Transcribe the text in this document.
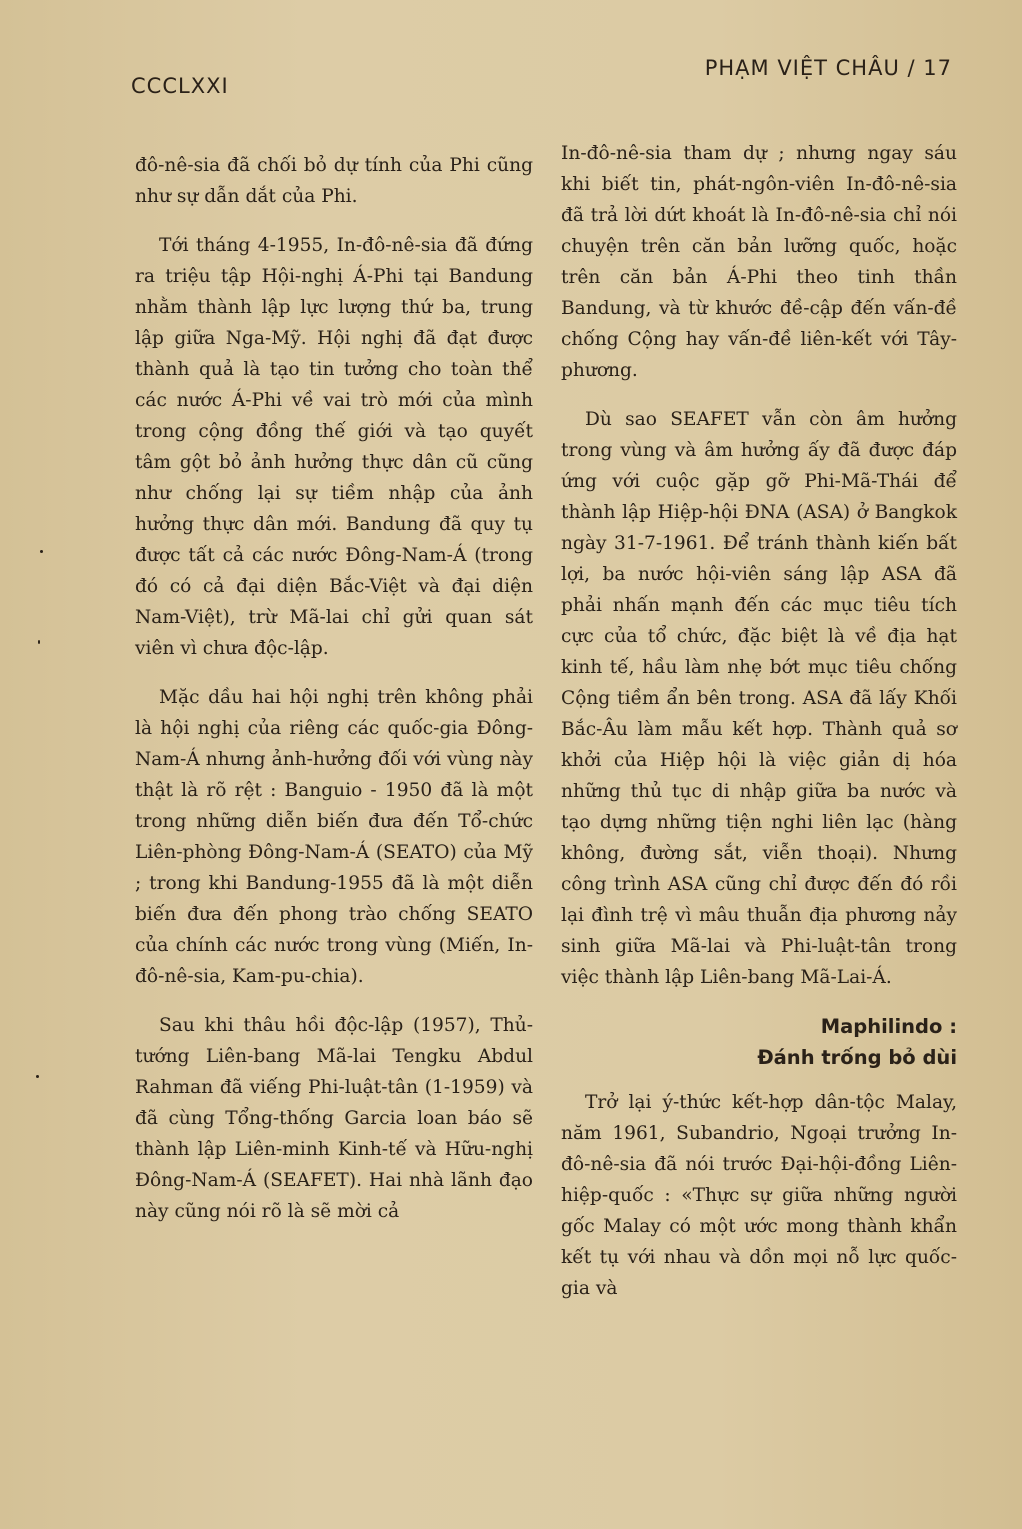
CCCLXXI
PHẠM VIỆT CHÂU / 17

đô-nê-sia đã chối bỏ dự tính của Phi cũng như sự dẫn dắt của Phi.

Tới tháng 4-1955, In-đô-nê-sia đã đứng ra triệu tập Hội-nghị Á-Phi tại Bandung nhằm thành lập lực lượng thứ ba, trung lập giữa Nga-Mỹ. Hội nghị đã đạt được thành quả là tạo tin tưởng cho toàn thể các nước Á-Phi về vai trò mới của mình trong cộng đồng thế giới và tạo quyết tâm gột bỏ ảnh hưởng thực dân cũ cũng như chống lại sự tiềm nhập của ảnh hưởng thực dân mới. Bandung đã quy tụ được tất cả các nước Đông-Nam-Á (trong đó có cả đại diện Bắc-Việt và đại diện Nam-Việt), trừ Mã-lai chỉ gửi quan sát viên vì chưa độc-lập.

Mặc dầu hai hội nghị trên không phải là hội nghị của riêng các quốc-gia Đông-Nam-Á nhưng ảnh-hưởng đối với vùng này thật là rõ rệt : Banguio - 1950 đã là một trong những diễn biến đưa đến Tổ-chức Liên-phòng Đông-Nam-Á (SEATO) của Mỹ ; trong khi Bandung-1955 đã là một diễn biến đưa đến phong trào chống SEATO của chính các nước trong vùng (Miến, In-đô-nê-sia, Kam-pu-chia).

Sau khi thâu hồi độc-lập (1957), Thủ-tướng Liên-bang Mã-lai Tengku Abdul Rahman đã viếng Phi-luật-tân (1-1959) và đã cùng Tổng-thống Garcia loan báo sẽ thành lập Liên-minh Kinh-tế và Hữu-nghị Đông-Nam-Á (SEAFET). Hai nhà lãnh đạo này cũng nói rõ là sẽ mời cả

In-đô-nê-sia tham dự ; nhưng ngay sáu khi biết tin, phát-ngôn-viên In-đô-nê-sia đã trả lời dứt khoát là In-đô-nê-sia chỉ nói chuyện trên căn bản lưỡng quốc, hoặc trên căn bản Á-Phi theo tinh thần Bandung, và từ khước đề-cập đến vấn-đề chống Cộng hay vấn-đề liên-kết với Tây-phương.

Dù sao SEAFET vẫn còn âm hưởng trong vùng và âm hưởng ấy đã được đáp ứng với cuộc gặp gỡ Phi-Mã-Thái để thành lập Hiệp-hội ĐNA (ASA) ở Bangkok ngày 31-7-1961. Để tránh thành kiến bất lợi, ba nước hội-viên sáng lập ASA đã phải nhấn mạnh đến các mục tiêu tích cực của tổ chức, đặc biệt là về địa hạt kinh tế, hầu làm nhẹ bớt mục tiêu chống Cộng tiềm ẩn bên trong. ASA đã lấy Khối Bắc-Âu làm mẫu kết hợp. Thành quả sơ khởi của Hiệp hội là việc giản dị hóa những thủ tục di nhập giữa ba nước và tạo dựng những tiện nghi liên lạc (hàng không, đường sắt, viễn thoại). Nhưng công trình ASA cũng chỉ được đến đó rồi lại đình trệ vì mâu thuẫn địa phương nảy sinh giữa Mã-lai và Phi-luật-tân trong việc thành lập Liên-bang Mã-Lai-Á.

Maphilindo :
Đánh trống bỏ dùi

Trở lại ý-thức kết-hợp dân-tộc Malay, năm 1961, Subandrio, Ngoại trưởng In-đô-nê-sia đã nói trước Đại-hội-đồng Liên-hiệp-quốc : «Thực sự giữa những người gốc Malay có một ước mong thành khẩn kết tụ với nhau và dồn mọi nỗ lực quốc-gia và
